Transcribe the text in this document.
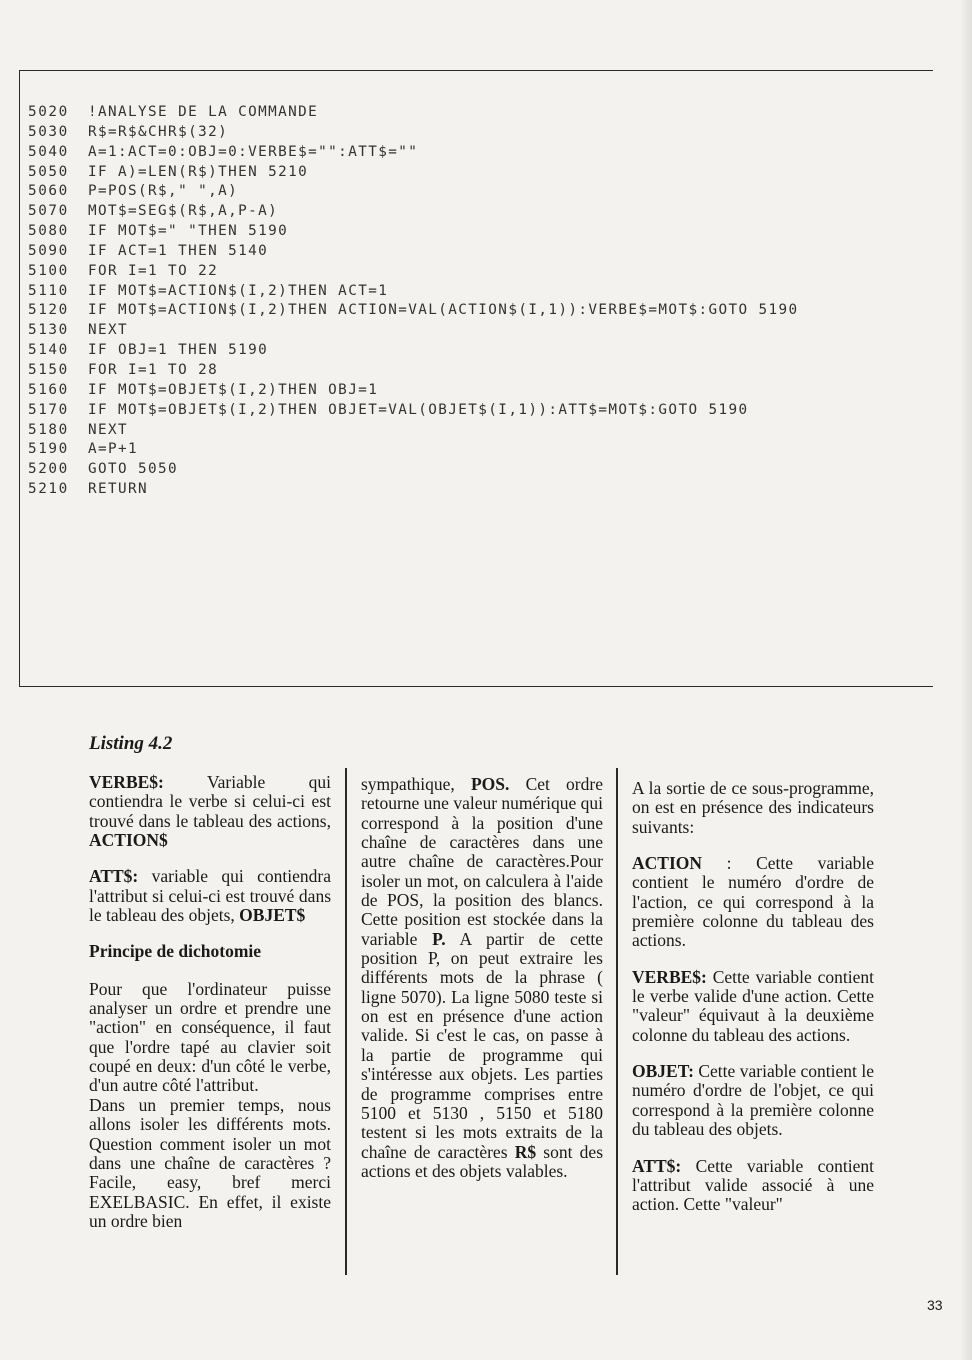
5020 !ANALYSE DE LA COMMANDE
5030 R$=R$&CHR$(32)
5040 A=1:ACT=0:OBJ=0:VERBE$="":ATT$=""
5050 IF A)=LEN(R$)THEN 5210
5060 P=POS(R$," ",A)
5070 MOT$=SEG$(R$,A,P-A)
5080 IF MOT$=" "THEN 5190
5090 IF ACT=1 THEN 5140
5100 FOR I=1 TO 22
5110 IF MOT$=ACTION$(I,2)THEN ACT=1
5120 IF MOT$=ACTION$(I,2)THEN ACTION=VAL(ACTION$(I,1)):VERBE$=MOT$:GOTO 5190
5130 NEXT
5140 IF OBJ=1 THEN 5190
5150 FOR I=1 TO 28
5160 IF MOT$=OBJET$(I,2)THEN OBJ=1
5170 IF MOT$=OBJET$(I,2)THEN OBJET=VAL(OBJET$(I,1)):ATT$=MOT$:GOTO 5190
5180 NEXT
5190 A=P+1
5200 GOTO 5050
5210 RETURN
Listing 4.2

VERBE$: Variable qui contiendra le verbe si celui-ci est trouvé dans le tableau des actions, ACTION$

ATT$: variable qui contiendra l'attribut si celui-ci est trouvé dans le tableau des objets, OBJET$

Principe de dichotomie

Pour que l'ordinateur puisse analyser un ordre et prendre une "action" en conséquence, il faut que l'ordre tapé au clavier soit coupé en deux: d'un côté le verbe, d'un autre côté l'attribut.

Dans un premier temps, nous allons isoler les différents mots. Question comment isoler un mot dans une chaîne de caractères ? Facile, easy, bref merci EXELBASIC. En effet, il existe un ordre bien

sympathique, POS. Cet ordre retourne une valeur numérique qui correspond à la position d'une chaîne de caractères dans une autre chaîne de caractères.Pour isoler un mot, on calculera à l'aide de POS, la position des blancs. Cette position est stockée dans la variable P. A partir de cette position P, on peut extraire les différents mots de la phrase ( ligne 5070). La ligne 5080 teste si on est en présence d'une action valide. Si c'est le cas, on passe à la partie de programme qui s'intéresse aux objets. Les parties de programme comprises entre 5100 et 5130 , 5150 et 5180 testent si les mots extraits de la chaîne de caractères R$ sont des actions et des objets valables.

A la sortie de ce sous-programme, on est en présence des indicateurs suivants:

ACTION : Cette variable contient le numéro d'ordre de l'action, ce qui correspond à la première colonne du tableau des actions.

VERBE$: Cette variable contient le verbe valide d'une action. Cette "valeur" équivaut à la deuxième colonne du tableau des actions.

OBJET: Cette variable contient le numéro d'ordre de l'objet, ce qui correspond à la première colonne du tableau des objets.

ATT$: Cette variable contient l'attribut valide associé à une action. Cette "valeur"

33
